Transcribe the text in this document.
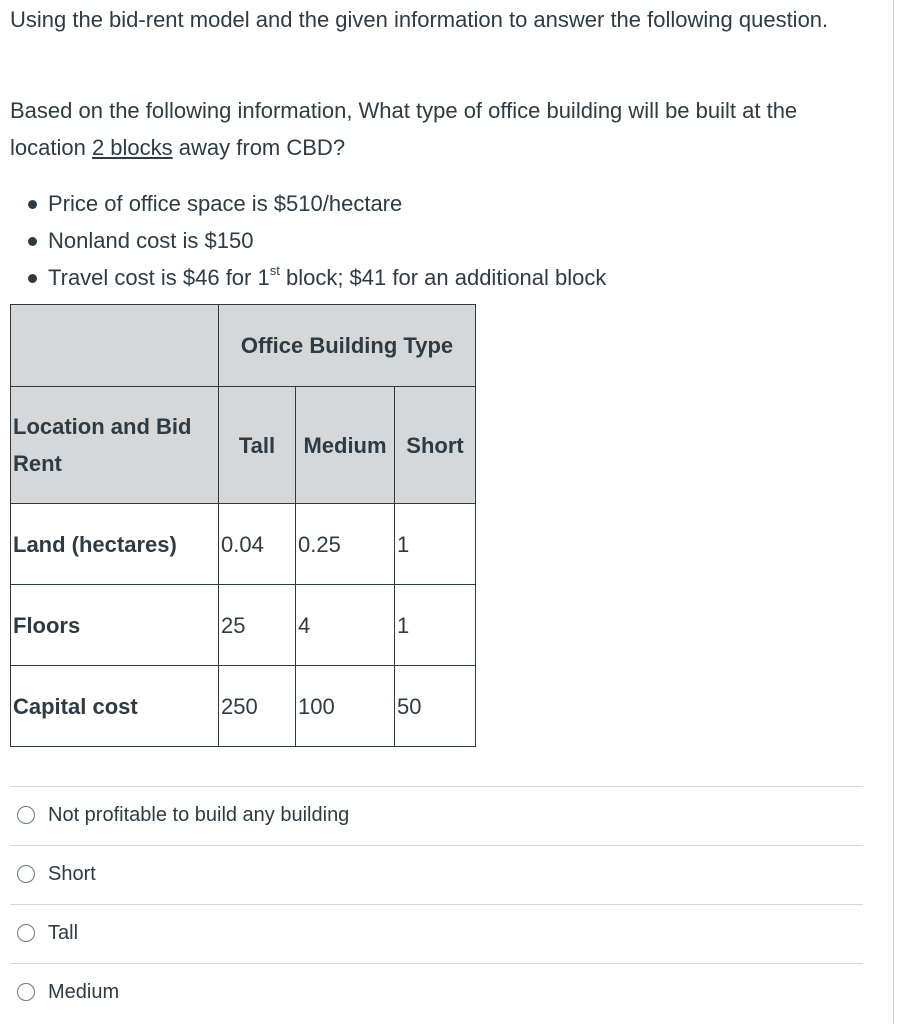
Using the bid-rent model and the given information to answer the following question.

Based on the following information, What type of office building will be built at the location 2 blocks away from CBD?

Price of office space is $510/hectare
Nonland cost is $150
Travel cost is $46 for 1st block; $41 for an additional block
	Office Building Type		
Location and Bid Rent	Tall	Medium	Short
Land (hectares)	0.04	0.25	1
Floors	25	4	1
Capital cost	250	100	50
Not profitable to build any building
Short
Tall
Medium
